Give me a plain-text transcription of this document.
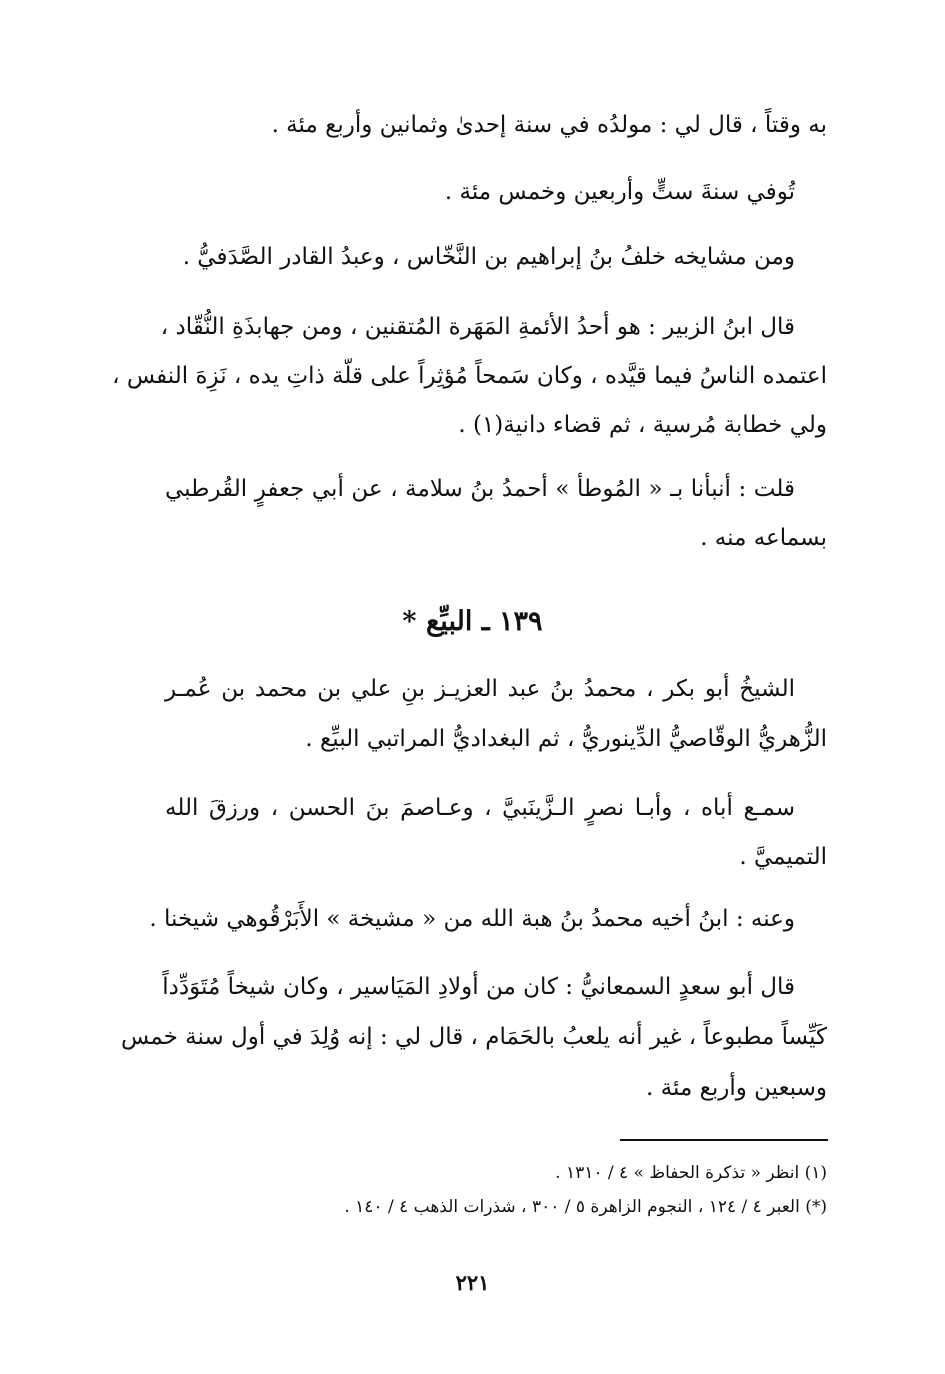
به وقتاً ، قال لي : مولدُه في سنة إحدىٰ وثمانين وأربع مئة .
تُوفي سنةَ ستٍّ وأربعين وخمس مئة .
ومن مشايخه خلفُ بنُ إبراهيم بن النَّخّاس ، وعبدُ القادر الصَّدَفيُّ .
قال ابنُ الزبير : هو أحدُ الأئمةِ المَهَرة المُتقنين ، ومن جهابذَةِ النُّقّاد ،
اعتمده الناسُ فيما قيَّده ، وكان سَمحاً مُؤثِراً على قلّة ذاتِ يده ، نَزِهَ النفس ،
ولي خطابة مُرسية ، ثم قضاء دانية(١) .
قلت : أنبأنا بـ « المُوطأ » أحمدُ بنُ سلامة ، عن أبي جعفرٍ القُرطبي
بسماعه منه .
١٣٩ ـ البيِّع *
الشيخُ أبو بكر ، محمدُ بنُ عبد العزيـز بنِ علي بن محمد بن عُمـر
الزُّهريُّ الوقّاصيُّ الدِّينوريُّ ، ثم البغداديُّ المراتبي البيِّع .
سمـع أباه ، وأبـا نصرٍ الـزَّينَبيَّ ، وعـاصمَ بنَ الحسن ، ورزقَ الله
التميميَّ .
وعنه : ابنُ أخيه محمدُ بنُ هبة الله من « مشيخة » الأَبَرْقُوهي شيخنا .
قال أبو سعدٍ السمعانيُّ : كان من أولادِ المَيَاسير ، وكان شيخاً مُتَوَدِّداً
كَيِّساً مطبوعاً ، غير أنه يلعبُ بالحَمَام ، قال لي : إنه وُلِدَ في أول سنة خمس
وسبعين وأربع مئة .
(١) انظر « تذكرة الحفاظ » ٤ / ١٣١٠ .
(*) العبر ٤ / ١٢٤ ، النجوم الزاهرة ٥ / ٣٠٠ ، شذرات الذهب ٤ / ١٤٠ .
٢٢١
